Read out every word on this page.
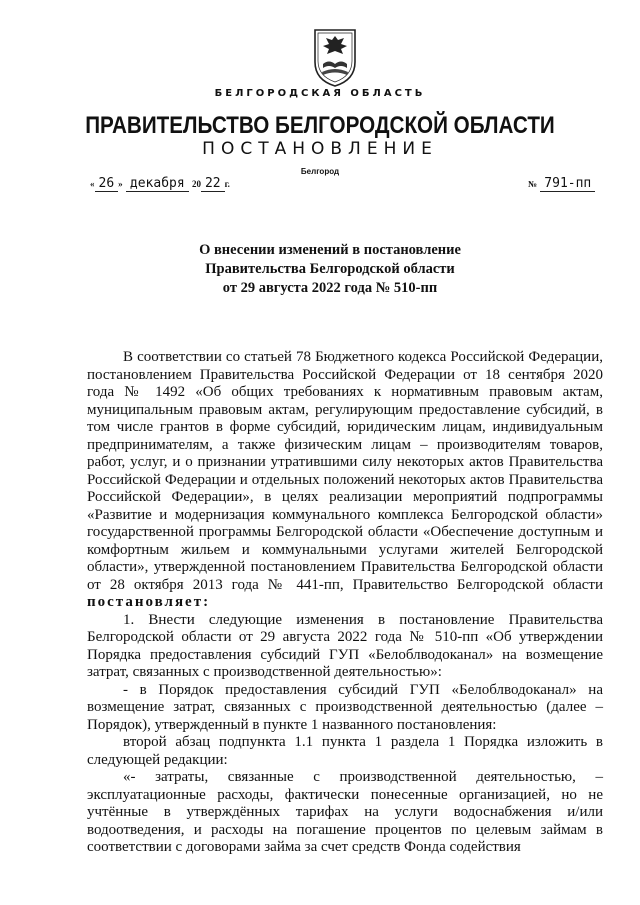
БЕЛГОРОДСКАЯ ОБЛАСТЬ
ПРАВИТЕЛЬСТВО БЕЛГОРОДСКОЙ ОБЛАСТИ
ПОСТАНОВЛЕНИЕ
Белгород
« 26 » декабря 20 22 г.	№ 791-пп
О внесении изменений в постановление
Правительства Белгородской области
от 29 августа 2022 года № 510-пп

В соответствии со статьей 78 Бюджетного кодекса Российской Федерации, постановлением Правительства Российской Федерации от 18 сентября 2020 года № 1492 «Об общих требованиях к нормативным правовым актам, муниципальным правовым актам, регулирующим предоставление субсидий, в том числе грантов в форме субсидий, юридическим лицам, индивидуальным предпринимателям, а также физическим лицам – производителям товаров, работ, услуг, и о признании утратившими силу некоторых актов Правительства Российской Федерации и отдельных положений некоторых актов Правительства Российской Федерации», в целях реализации мероприятий подпрограммы «Развитие и модернизация коммунального комплекса Белгородской области» государственной программы Белгородской области «Обеспечение доступным и комфортным жильем и коммунальными услугами жителей Белгородской области», утвержденной постановлением Правительства Белгородской области от 28 октября 2013 года № 441-пп, Правительство Белгородской области постановляет:

1. Внести следующие изменения в постановление Правительства Белгородской области от 29 августа 2022 года № 510-пп «Об утверждении Порядка предоставления субсидий ГУП «Белоблводоканал» на возмещение затрат, связанных с производственной деятельностью»:

- в Порядок предоставления субсидий ГУП «Белоблводоканал» на возмещение затрат, связанных с производственной деятельностью (далее – Порядок), утвержденный в пункте 1 названного постановления:

второй абзац подпункта 1.1 пункта 1 раздела 1 Порядка изложить в следующей редакции:

«- затраты, связанные с производственной деятельностью, – эксплуатационные расходы, фактически понесенные организацией, но не учтённые в утверждённых тарифах на услуги водоснабжения и/или водоотведения, и расходы на погашение процентов по целевым займам в соответствии с договорами займа за счет средств Фонда содействия
